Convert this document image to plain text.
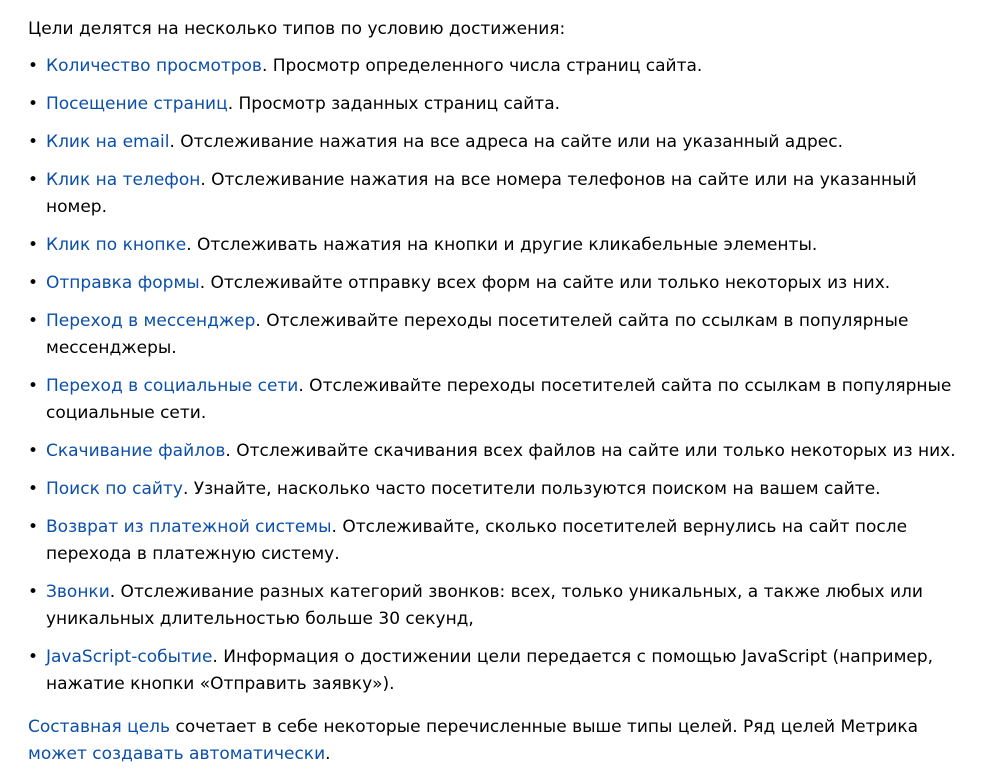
Цели делятся на несколько типов по условию достижения:

• Количество просмотров. Просмотр определенного числа страниц сайта.
• Посещение страниц. Просмотр заданных страниц сайта.
• Клик на email. Отслеживание нажатия на все адреса на сайте или на указанный адрес.
• Клик на телефон. Отслеживание нажатия на все номера телефонов на сайте или на указанный номер.
• Клик по кнопке. Отслеживать нажатия на кнопки и другие кликабельные элементы.
• Отправка формы. Отслеживайте отправку всех форм на сайте или только некоторых из них.
• Переход в мессенджер. Отслеживайте переходы посетителей сайта по ссылкам в популярные мессенджеры.
• Переход в социальные сети. Отслеживайте переходы посетителей сайта по ссылкам в популярные социальные сети.
• Скачивание файлов. Отслеживайте скачивания всех файлов на сайте или только некоторых из них.
• Поиск по сайту. Узнайте, насколько часто посетители пользуются поиском на вашем сайте.
• Возврат из платежной системы. Отслеживайте, сколько посетителей вернулись на сайт после перехода в платежную систему.
• Звонки. Отслеживание разных категорий звонков: всех, только уникальных, а также любых или уникальных длительностью больше 30 секунд,
• JavaScript-событие. Информация о достижении цели передается с помощью JavaScript (например, нажатие кнопки «Отправить заявку»).

Составная цель сочетает в себе некоторые перечисленные выше типы целей. Ряд целей Метрика может создавать автоматически.
